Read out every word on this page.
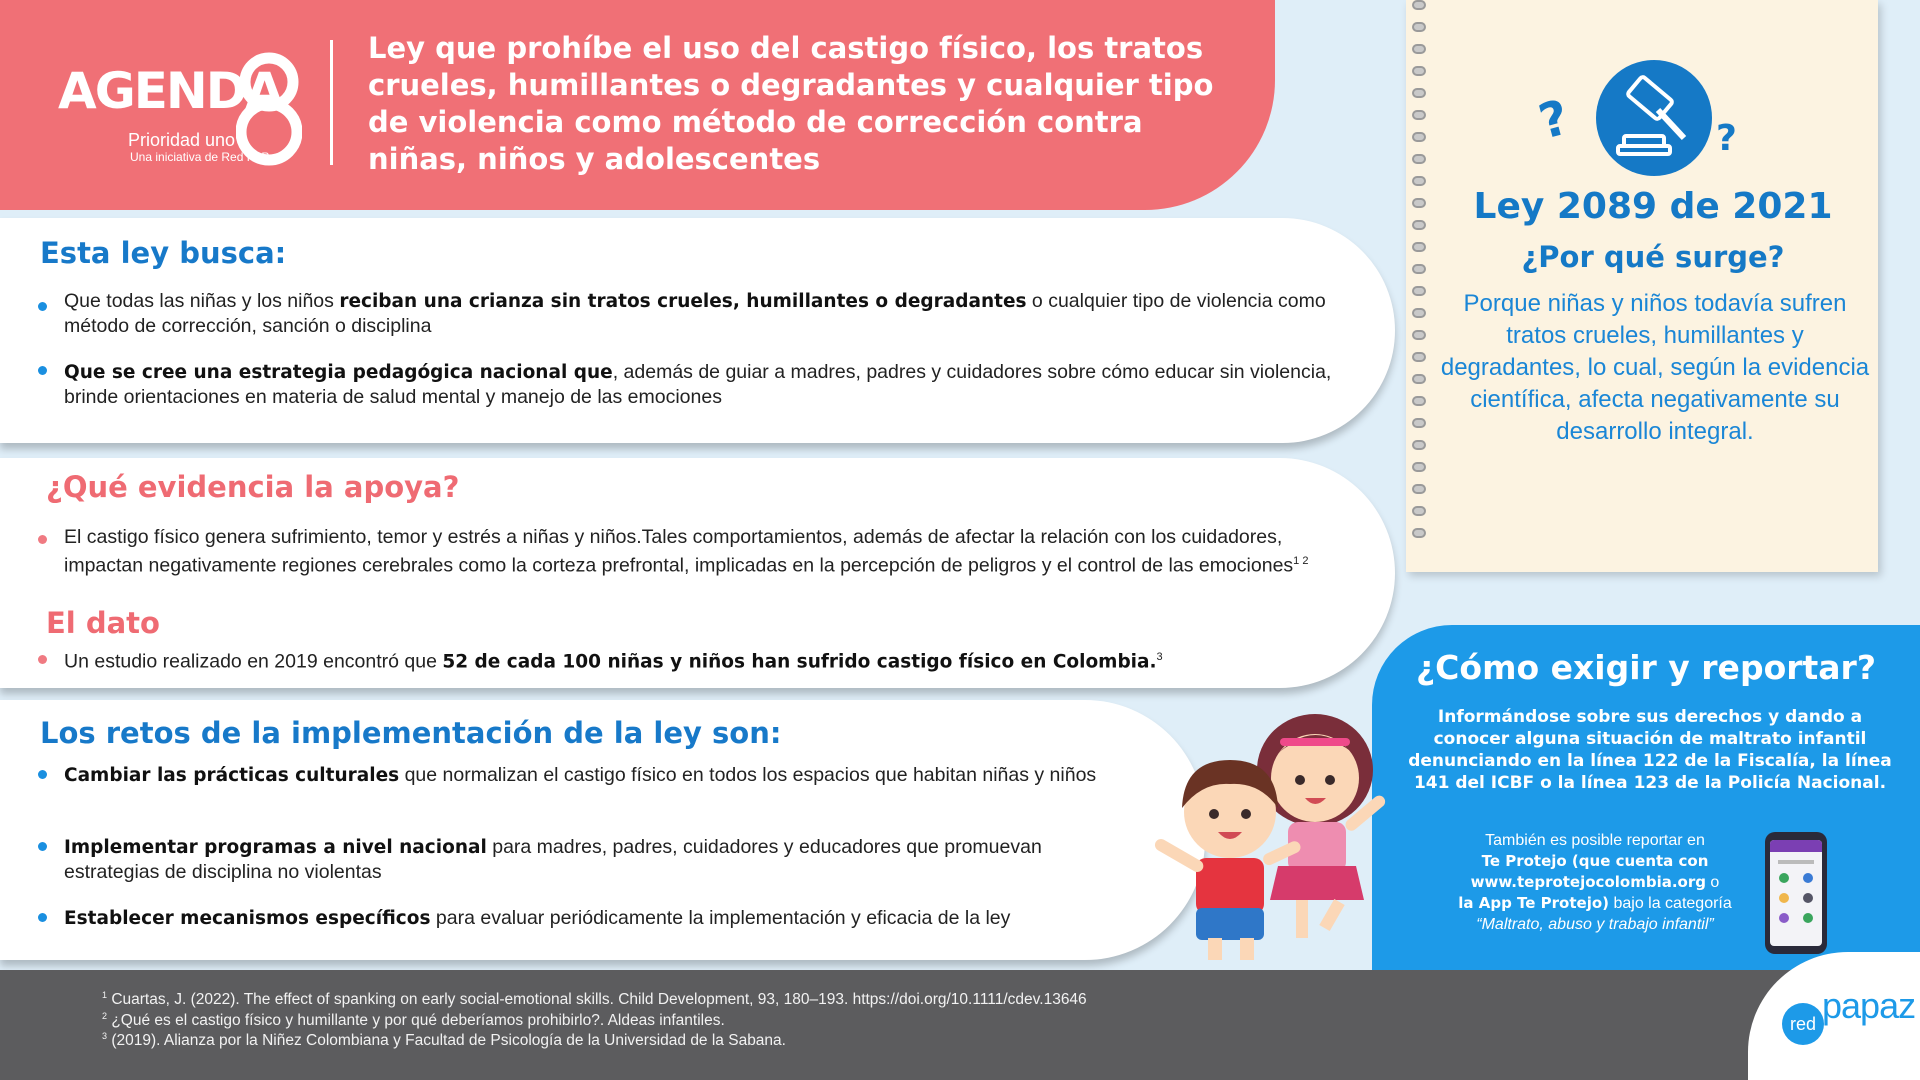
AGENDA
Prioridad uno
Una iniciativa de Red PaPaz
Ley que prohíbe el uso del castigo físico, los tratos crueles, humillantes o degradantes y cualquier tipo de violencia como método de corrección contra niñas, niños y adolescentes
Esta ley busca:
Que todas las niñas y los niños reciban una crianza sin tratos crueles, humillantes o degradantes o cualquier tipo de violencia como método de corrección, sanción o disciplina
Que se cree una estrategia pedagógica nacional que, además de guiar a madres, padres y cuidadores sobre cómo educar sin violencia, brinde orientaciones en materia de salud mental y manejo de las emociones
¿Qué evidencia la apoya?
El castigo físico genera sufrimiento, temor y estrés a niñas y niños.Tales comportamientos, además de afectar la relación con los cuidadores, impactan negativamente regiones cerebrales como la corteza prefrontal, implicadas en la percepción de peligros y el control de las emociones$^{1 2}$
El dato
Un estudio realizado en 2019 encontró que 52 de cada 100 niñas y niños han sufrido castigo físico en Colombia.$^3$
Los retos de la implementación de la ley son:
Cambiar las prácticas culturales que normalizan el castigo físico en todos los espacios que habitan niñas y niños
Implementar programas a nivel nacional para madres, padres, cuidadores y educadores que promuevan estrategias de disciplina no violentas
Establecer mecanismos específicos para evaluar periódicamente la implementación y eficacia de la ley
?	?
Ley 2089 de 2021
¿Por qué surge?
Porque niñas y niños todavía sufren tratos crueles, humillantes y degradantes, lo cual, según la evidencia científica, afecta negativamente su desarrollo integral.
¿Cómo exigir y reportar?
Informándose sobre sus derechos y dando a conocer alguna situación de maltrato infantil denunciando en la línea 122 de la Fiscalía, la línea 141 del ICBF o la línea 123 de la Policía Nacional.
También es posible reportar en
Te Protejo (que cuenta con www.teprotejocolombia.org o
la App Te Protejo) bajo la categoría
“Maltrato, abuso y trabajo infantil”
$^1$ Cuartas, J. (2022). The effect of spanking on early social-emotional skills. Child Development, 93, 180–193. https://doi.org/10.1111/cdev.13646
$^2$ ¿Qué es el castigo físico y humillante y por qué deberíamos prohibirlo?. Aldeas infantiles.
$^3$ (2019). Alianza por la Niñez Colombiana y Facultad de Psicología de la Universidad de la Sabana.
red papaz
